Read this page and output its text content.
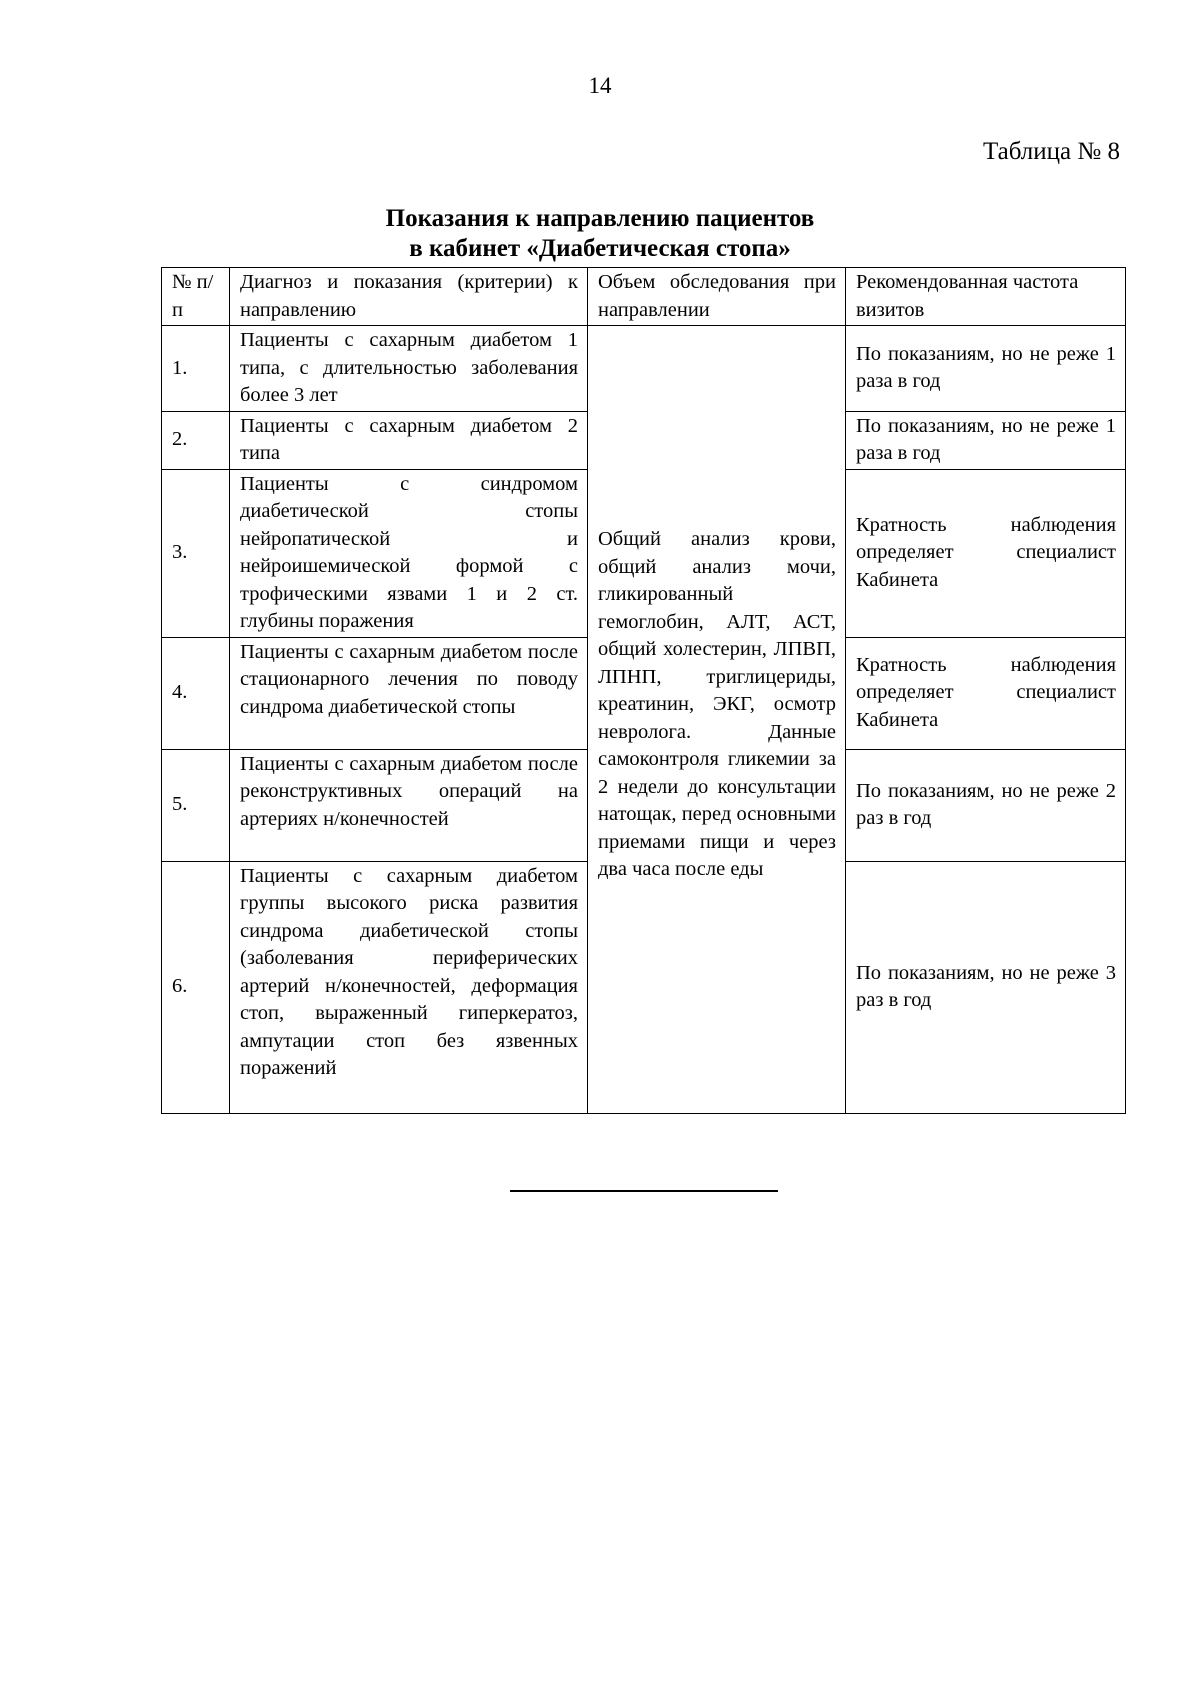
14
Таблица № 8
Показания к направлению пациентов
в кабинет «Диабетическая стопа»
№ п/п	Диагноз и показания (критерии) к направлению	Объем обследования при направлении	Рекомендованная частота визитов
1.	Пациенты с сахарным диабетом 1 типа, с длительностью заболевания более 3 лет	Общий анализ крови, общий анализ мочи, гликированный гемоглобин, АЛТ, АСТ, общий холестерин, ЛПВП, ЛПНП, триглицериды, креатинин, ЭКГ, осмотр невролога. Данные самоконтроля гликемии за 2 недели до консультации натощак, перед основными приемами пищи и через два часа после еды	По показаниям, но не реже 1 раза в год
2.	Пациенты с сахарным диабетом 2 типа		По показаниям, но не реже 1 раза в год
3.	Пациенты с синдромом диабетической стопы нейропатической и нейроишемической формой с трофическими язвами 1 и 2 ст. глубины поражения		Кратность наблюдения определяет специалист Кабинета
4.	Пациенты с сахарным диабетом после стационарного лечения по поводу синдрома диабетической стопы		Кратность наблюдения определяет специалист Кабинета
5.	Пациенты с сахарным диабетом после реконструктивных операций на артериях н/конечностей		По показаниям, но не реже 2 раз в год
6.	Пациенты с сахарным диабетом группы высокого риска развития синдрома диабетической стопы (заболевания периферических артерий н/конечностей, деформация стоп, выраженный гиперкератоз, ампутации стоп без язвенных поражений		По показаниям, но не реже 3 раз в год
